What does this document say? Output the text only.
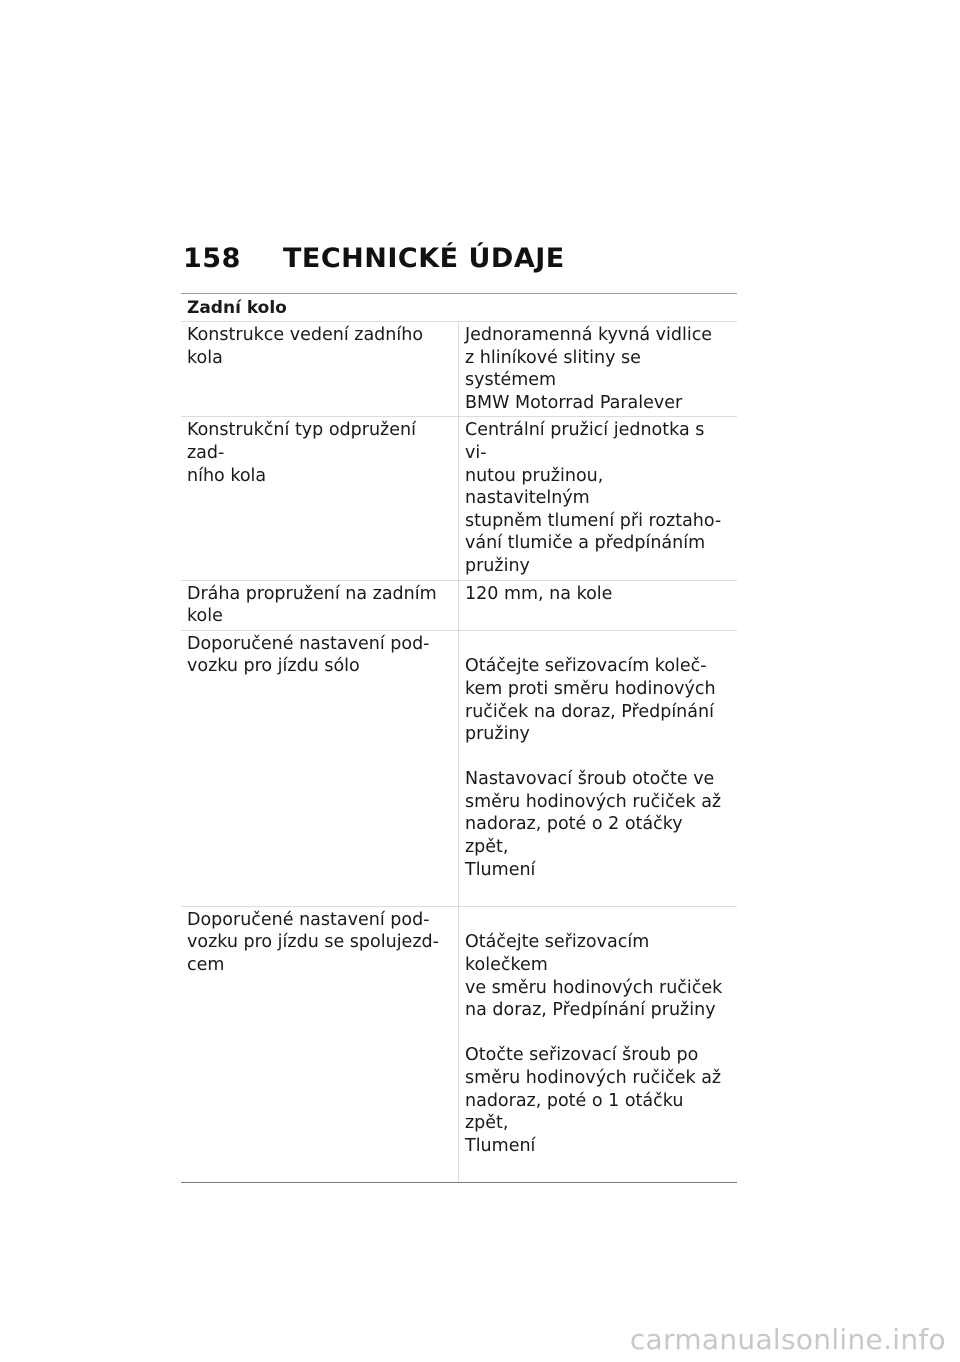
158	TECHNICKÉ ÚDAJE
Zadní kolo
Konstrukce vedení zadního
kola
Jednoramenná kyvná vidlice
z hliníkové slitiny se systémem
BMW Motorrad Paralever
Konstrukční typ odpružení zad-
ního kola
Centrální pružicí jednotka s vi-
nutou pružinou, nastavitelným
stupněm tlumení při roztaho-
vání tlumiče a předpínáním
pružiny
Dráha propružení na zadním
kole
120 mm, na kole
Doporučené nastavení pod-
vozku pro jízdu sólo	Otáčejte seřizovacím koleč-
kem proti směru hodinových
ručiček na doraz, Předpínání
pružiny

Nastavovací šroub otočte ve
směru hodinových ručiček až
nadoraz, poté o 2 otáčky zpět,
Tlumení

Doporučené nastavení pod-
vozku pro jízdu se spolujezd-
cem

Otáčejte seřizovacím kolečkem
ve směru hodinových ručiček
na doraz, Předpínání pružiny

Otočte seřizovací šroub po
směru hodinových ručiček až
nadoraz, poté o 1 otáčku zpět,
Tlumení

carmanualsonline.info
